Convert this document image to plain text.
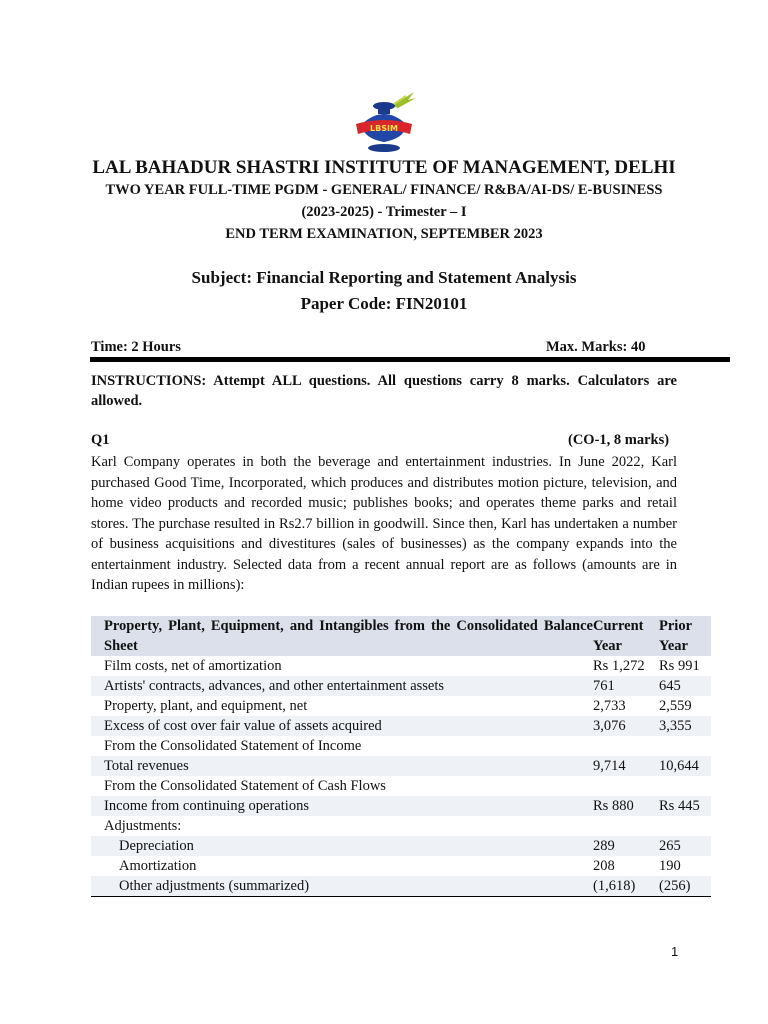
LBSIM
LAL BAHADUR SHASTRI INSTITUTE OF MANAGEMENT, DELHI
TWO YEAR FULL-TIME PGDM - GENERAL/ FINANCE/ R&BA/AI-DS/ E-BUSINESS
(2023-2025) - Trimester – I
END TERM EXAMINATION, SEPTEMBER 2023
Subject: Financial Reporting and Statement Analysis
Paper Code: FIN20101
Time: 2 Hours	Max. Marks: 40
INSTRUCTIONS: Attempt ALL questions. All questions carry 8 marks. Calculators are allowed.
Q1	(CO-1, 8 marks)
Karl Company operates in both the beverage and entertainment industries. In June 2022, Karl purchased Good Time, Incorporated, which produces and distributes motion picture, television, and home video products and recorded music; publishes books; and operates theme parks and retail stores. The purchase resulted in Rs2.7 billion in goodwill. Since then, Karl has undertaken a number of business acquisitions and divestitures (sales of businesses) as the company expands into the entertainment industry. Selected data from a recent annual report are as follows (amounts are in Indian rupees in millions):
Property, Plant, Equipment, and Intangibles from the Consolidated Balance Sheet	Current Year	Prior Year
Film costs, net of amortization	Rs 1,272	Rs 991
Artists' contracts, advances, and other entertainment assets	761	645
Property, plant, and equipment, net	2,733	2,559
Excess of cost over fair value of assets acquired	3,076	3,355
From the Consolidated Statement of Income		
Total revenues	9,714	10,644
From the Consolidated Statement of Cash Flows		
Income from continuing operations	Rs 880	Rs 445
Adjustments:		
Depreciation	289	265
Amortization	208	190
Other adjustments (summarized)	(1,618)	(256)
1
